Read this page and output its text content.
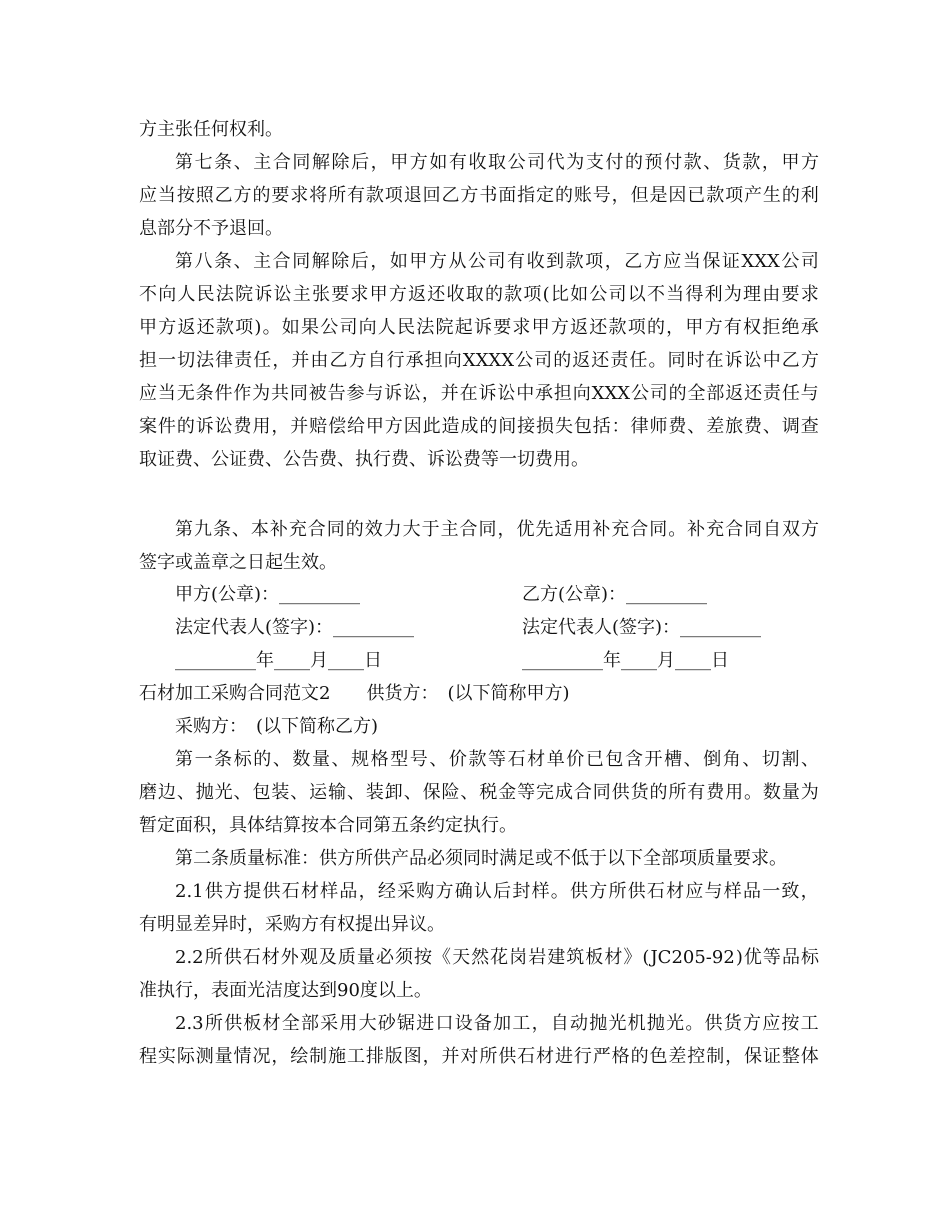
方主张任何权利。
第 七 条 、 主 合 同 解 除 后 ， 甲 方 如 有 收 取 公 司 代 为 支 付 的 预 付 款 、 货 款 ， 甲 方
应 当 按 照 乙 方 的 要 求 将 所 有 款 项 退 回 乙 方 书 面 指 定 的 账 号 ， 但 是 因 已 款 项 产 生 的 利
息部分不予退回。
第 八 条 、 主 合 同 解 除 后 ， 如 甲 方 从 公 司 有 收 到 款 项 ， 乙 方 应 当 保 证 XXX 公 司
不 向 人 民 法 院 诉 讼 主 张 要 求 甲 方 返 还 收 取 的 款 项 ( 比 如 公 司 以 不 当 得 利 为 理 由 要 求
甲 方 返 还 款 项 ) 。 如 果 公 司 向 人 民 法 院 起 诉 要 求 甲 方 返 还 款 项 的 ， 甲 方 有 权 拒 绝 承
担 一 切 法 律 责 任 ， 并 由 乙 方 自 行 承 担 向 XXXX 公 司 的 返 还 责 任 。 同 时 在 诉 讼 中 乙 方
应 当 无 条 件 作 为 共 同 被 告 参 与 诉 讼 ， 并 在 诉 讼 中 承 担 向 XXX 公 司 的 全 部 返 还 责 任 与
案 件 的 诉 讼 费 用 ， 并 赔 偿 给 甲 方 因 此 造 成 的 间 接 损 失 包 括 ： 律 师 费 、 差 旅 费 、 调 查
取证费、公证费、公告费、执行费、诉讼费等一切费用。
第 九 条 、 本 补 充 合 同 的 效 力 大 于 主 合 同 ， 优 先 适 用 补 充 合 同 。 补 充 合 同 自 双 方
签字或盖章之日起生效。
第 一 条 标 的 、 数 量 、 规 格 型 号 、 价 款 等 石 材 单 价 已 包 含 开 槽 、 倒 角 、 切 割 、
磨 边 、 抛 光 、 包 装 、 运 输 、 装 卸 、 保 险 、 税 金 等 完 成 合 同 供 货 的 所 有 费 用 。 数 量 为
暂定面积，具体结算按本合同第五条约定执行。
第二条质量标准：供方所供产品必须同时满足或不低于以下全部项质量要求。
2.1 供 方 提 供 石 材 样 品 ， 经 采 购 方 确 认 后 封 样 。 供 方 所 供 石 材 应 与 样 品 一 致 ，
有明显差异时，采购方有权提出异议。
2.2 所 供 石 材 外 观 及 质 量 必 须 按 《 天 然 花 岗 岩 建 筑 板 材 》 ( JC205-92 ) 优 等 品 标
准执行，表面光洁度达到90度以上。
2.3 所 供 板 材 全 部 采 用 大 砂 锯 进 口 设 备 加 工 ， 自 动 抛 光 机 抛 光 。 供 货 方 应 按 工
程 实 际 测 量 情 况 ， 绘 制 施 工 排 版 图 ， 并 对 所 供 石 材 进 行 严 格 的 色 差 控 制 ， 保 证 整 体
甲方(公章)：_________	乙方(公章)：_________
法定代表人(签字)：_________	法定代表人(签字)：_________
_________年____月____日	_________年____月____日
石材加工采购合同范文2　　供货方：　(以下简称甲方)
采购方：　(以下简称乙方)
